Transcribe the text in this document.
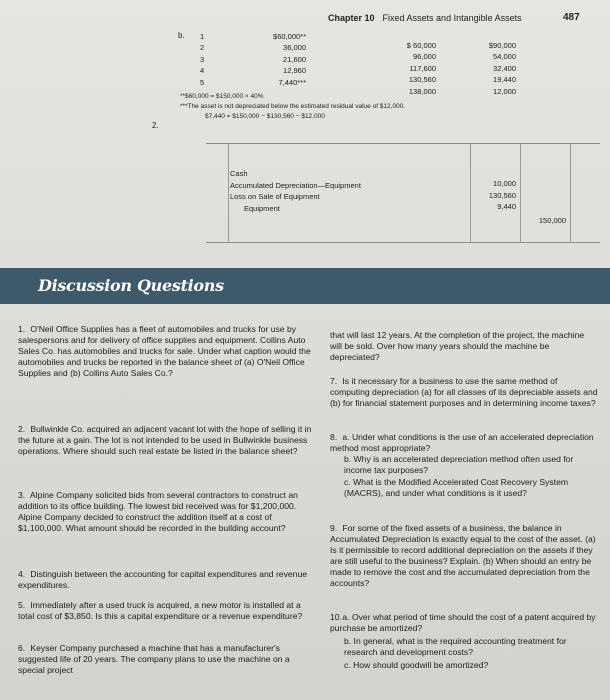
Chapter 10 Fixed Assets and Intangible Assets	487
b. 1
2
3
4
5
$60,000**
36,000
21,600
12,960
7,440***
$ 60,000
96,000
117,600
130,560
138,000
$90,000
54,000
32,400
19,440
12,000
**$60,000 = $150,000 × 40%
***The asset is not depreciated below the estimated residual value of $12,000.
$7,440 = $150,000 − $130,560 − $12,000
2.
Cash
Accumulated Depreciation—Equipment
Loss on Sale of Equipment
Equipment
10,000
130,560
9,440
150,000
Discussion Questions
1. O'Neil Office Supplies has a fleet of automobiles and trucks for use by salespersons and for delivery of office supplies and equipment. Collins Auto Sales Co. has automobiles and trucks for sale. Under what caption would the automobiles and trucks be reported in the balance sheet of (a) O'Neil Office Supplies and (b) Collins Auto Sales Co.?
2. Bullwinkle Co. acquired an adjacent vacant lot with the hope of selling it in the future at a gain. The lot is not intended to be used in Bullwinkle business operations. Where should such real estate be listed in the balance sheet?
3. Alpine Company solicited bids from several contractors to construct an addition to its office building. The lowest bid received was for $1,200,000. Alpine Company decided to construct the addition itself at a cost of $1,100,000. What amount should be recorded in the building account?
4. Distinguish between the accounting for capital expenditures and revenue expenditures.
5. Immediately after a used truck is acquired, a new motor is installed at a total cost of $3,850. Is this a capital expenditure or a revenue expenditure?
6. Keyser Company purchased a machine that has a manufacturer's suggested life of 20 years. The company plans to use the machine on a special project
that will last 12 years. At the completion of the project, the machine will be sold. Over how many years should the machine be depreciated?
7. Is it necessary for a business to use the same method of computing depreciation (a) for all classes of its depreciable assets and (b) for financial statement purposes and in determining income taxes?
8. a. Under what conditions is the use of an accelerated depreciation method most appropriate?
b. Why is an accelerated depreciation method often used for income tax purposes?
c. What is the Modified Accelerated Cost Recovery System (MACRS), and under what conditions is it used?
9. For some of the fixed assets of a business, the balance in Accumulated Depreciation is exactly equal to the cost of the asset. (a) Is it permissible to record additional depreciation on the assets if they are still useful to the business? Explain. (b) When should an entry be made to remove the cost and the accumulated depreciation from the accounts?
10. a. Over what period of time should the cost of a patent acquired by purchase be amortized?
b. In general, what is the required accounting treatment for research and development costs?
c. How should goodwill be amortized?
